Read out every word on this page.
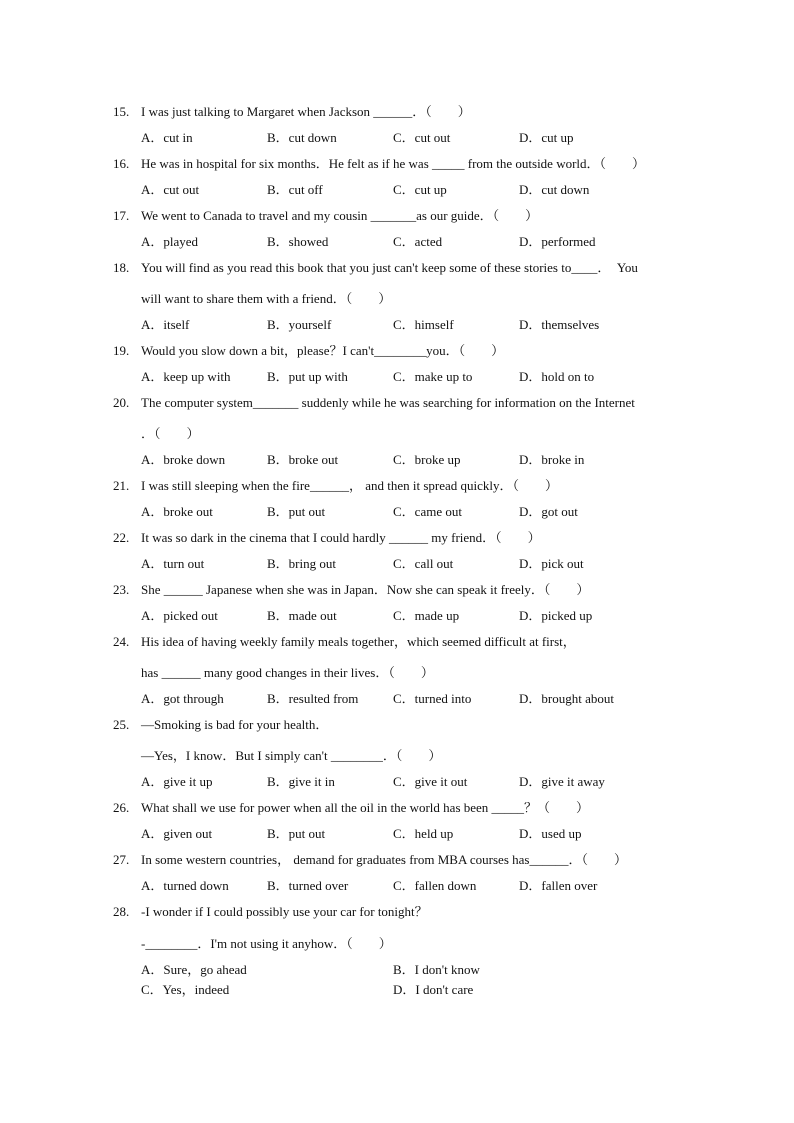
15. I was just talking to Margaret when Jackson ______．（　　）
A．cut in	B．cut down	C．cut out	D．cut up
16. He was in hospital for six months．He felt as if he was _____ from the outside world．（　　）
A．cut out	B．cut off	C．cut up	D．cut down
17. We went to Canada to travel and my cousin _______as our guide．（　　）
A．played	B．showed	C．acted	D．performed
18. You will find as you read this book that you just can't keep some of these stories to____．　You
will want to share them with a friend．（　　）
A．itself	B．yourself	C．himself	D．themselves
19. Would you slow down a bit，please？I can't________you．（　　）
A．keep up with	B．put up with	C．make up to	D．hold on to
20. The computer system_______ suddenly while he was searching for information on the Internet
．（　　）
A．broke down	B．broke out	C．broke up	D．broke in
21. I was still sleeping when the fire______， and then it spread quickly．（　　）
A．broke out	B．put out	C．came out	D．got out
22. It was so dark in the cinema that I could hardly ______ my friend．（　　）
A．turn out	B．bring out	C．call out	D．pick out
23. She ______ Japanese when she was in Japan．Now she can speak it freely．（　　）
A．picked out	B．made out	C．made up	D．picked up
24. His idea of having weekly family meals together，which seemed difficult at first，
has ______ many good changes in their lives．（　　）
A．got through	B．resulted from	C．turned into	D．brought about
25. —Smoking is bad for your health．
—Yes，I know．But I simply can't ________．（　　）
A．give it up	B．give it in	C．give it out	D．give it away
26. What shall we use for power when all the oil in the world has been _____？（　　）
A．given out	B．put out	C．held up	D．used up
27. In some western countries， demand for graduates from MBA courses has______．（　　）
A．turned down	B．turned over	C．fallen down	D．fallen over
28. -I wonder if I could possibly use your car for tonight？
-________．I'm not using it anyhow．（　　）
A．Sure，go ahead	B．I don't know
C．Yes，indeed	D．I don't care
